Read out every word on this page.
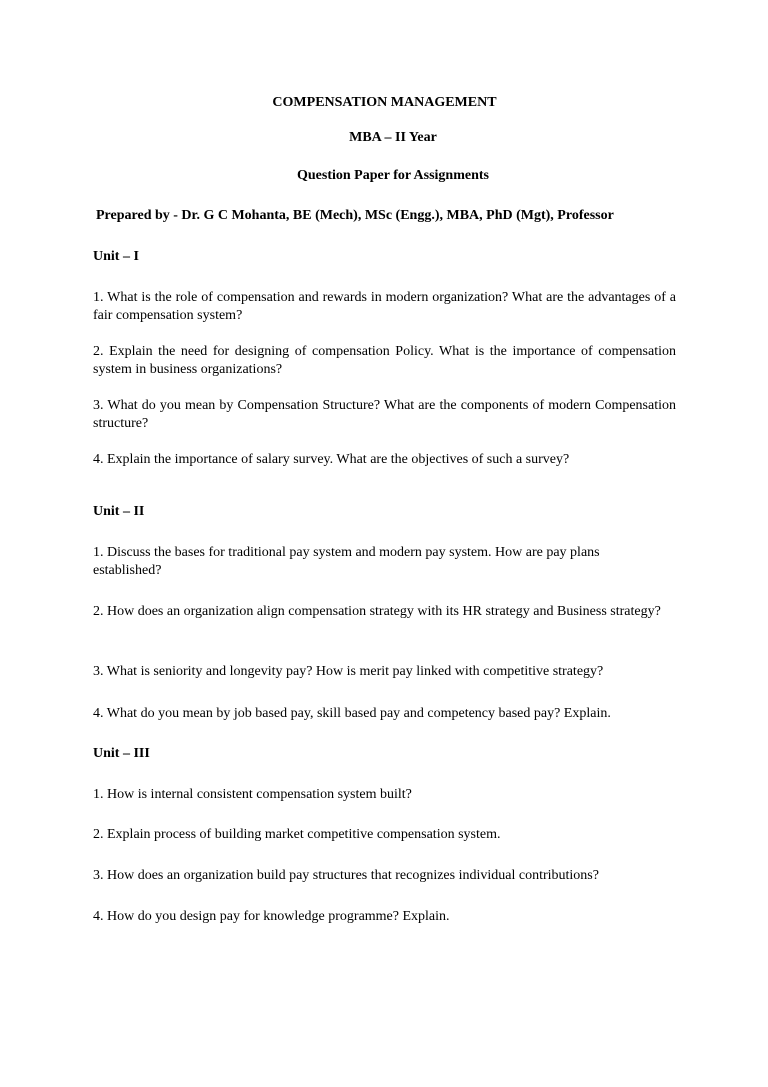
COMPENSATION MANAGEMENT
MBA – II Year
Question Paper for Assignments
Prepared by - Dr. G C Mohanta, BE (Mech), MSc (Engg.), MBA, PhD (Mgt), Professor
Unit – I
1. What is the role of compensation and rewards in modern organization? What are the advantages of a fair compensation system?
2. Explain the need for designing of compensation Policy. What is the importance of compensation system in business organizations?
3. What do you mean by Compensation Structure? What are the components of modern Compensation structure?
4. Explain the importance of salary survey. What are the objectives of such a survey?
Unit – II
1. Discuss the bases for traditional pay system and modern pay system. How are pay plans established?
2. How does an organization align compensation strategy with its HR strategy and Business strategy?
3. What is seniority and longevity pay? How is merit pay linked with competitive strategy?
4. What do you mean by job based pay, skill based pay and competency based pay? Explain.
Unit – III
1. How is internal consistent compensation system built?
2. Explain process of building market competitive compensation system.
3. How does an organization build pay structures that recognizes individual contributions?
4. How do you design pay for knowledge programme? Explain.
